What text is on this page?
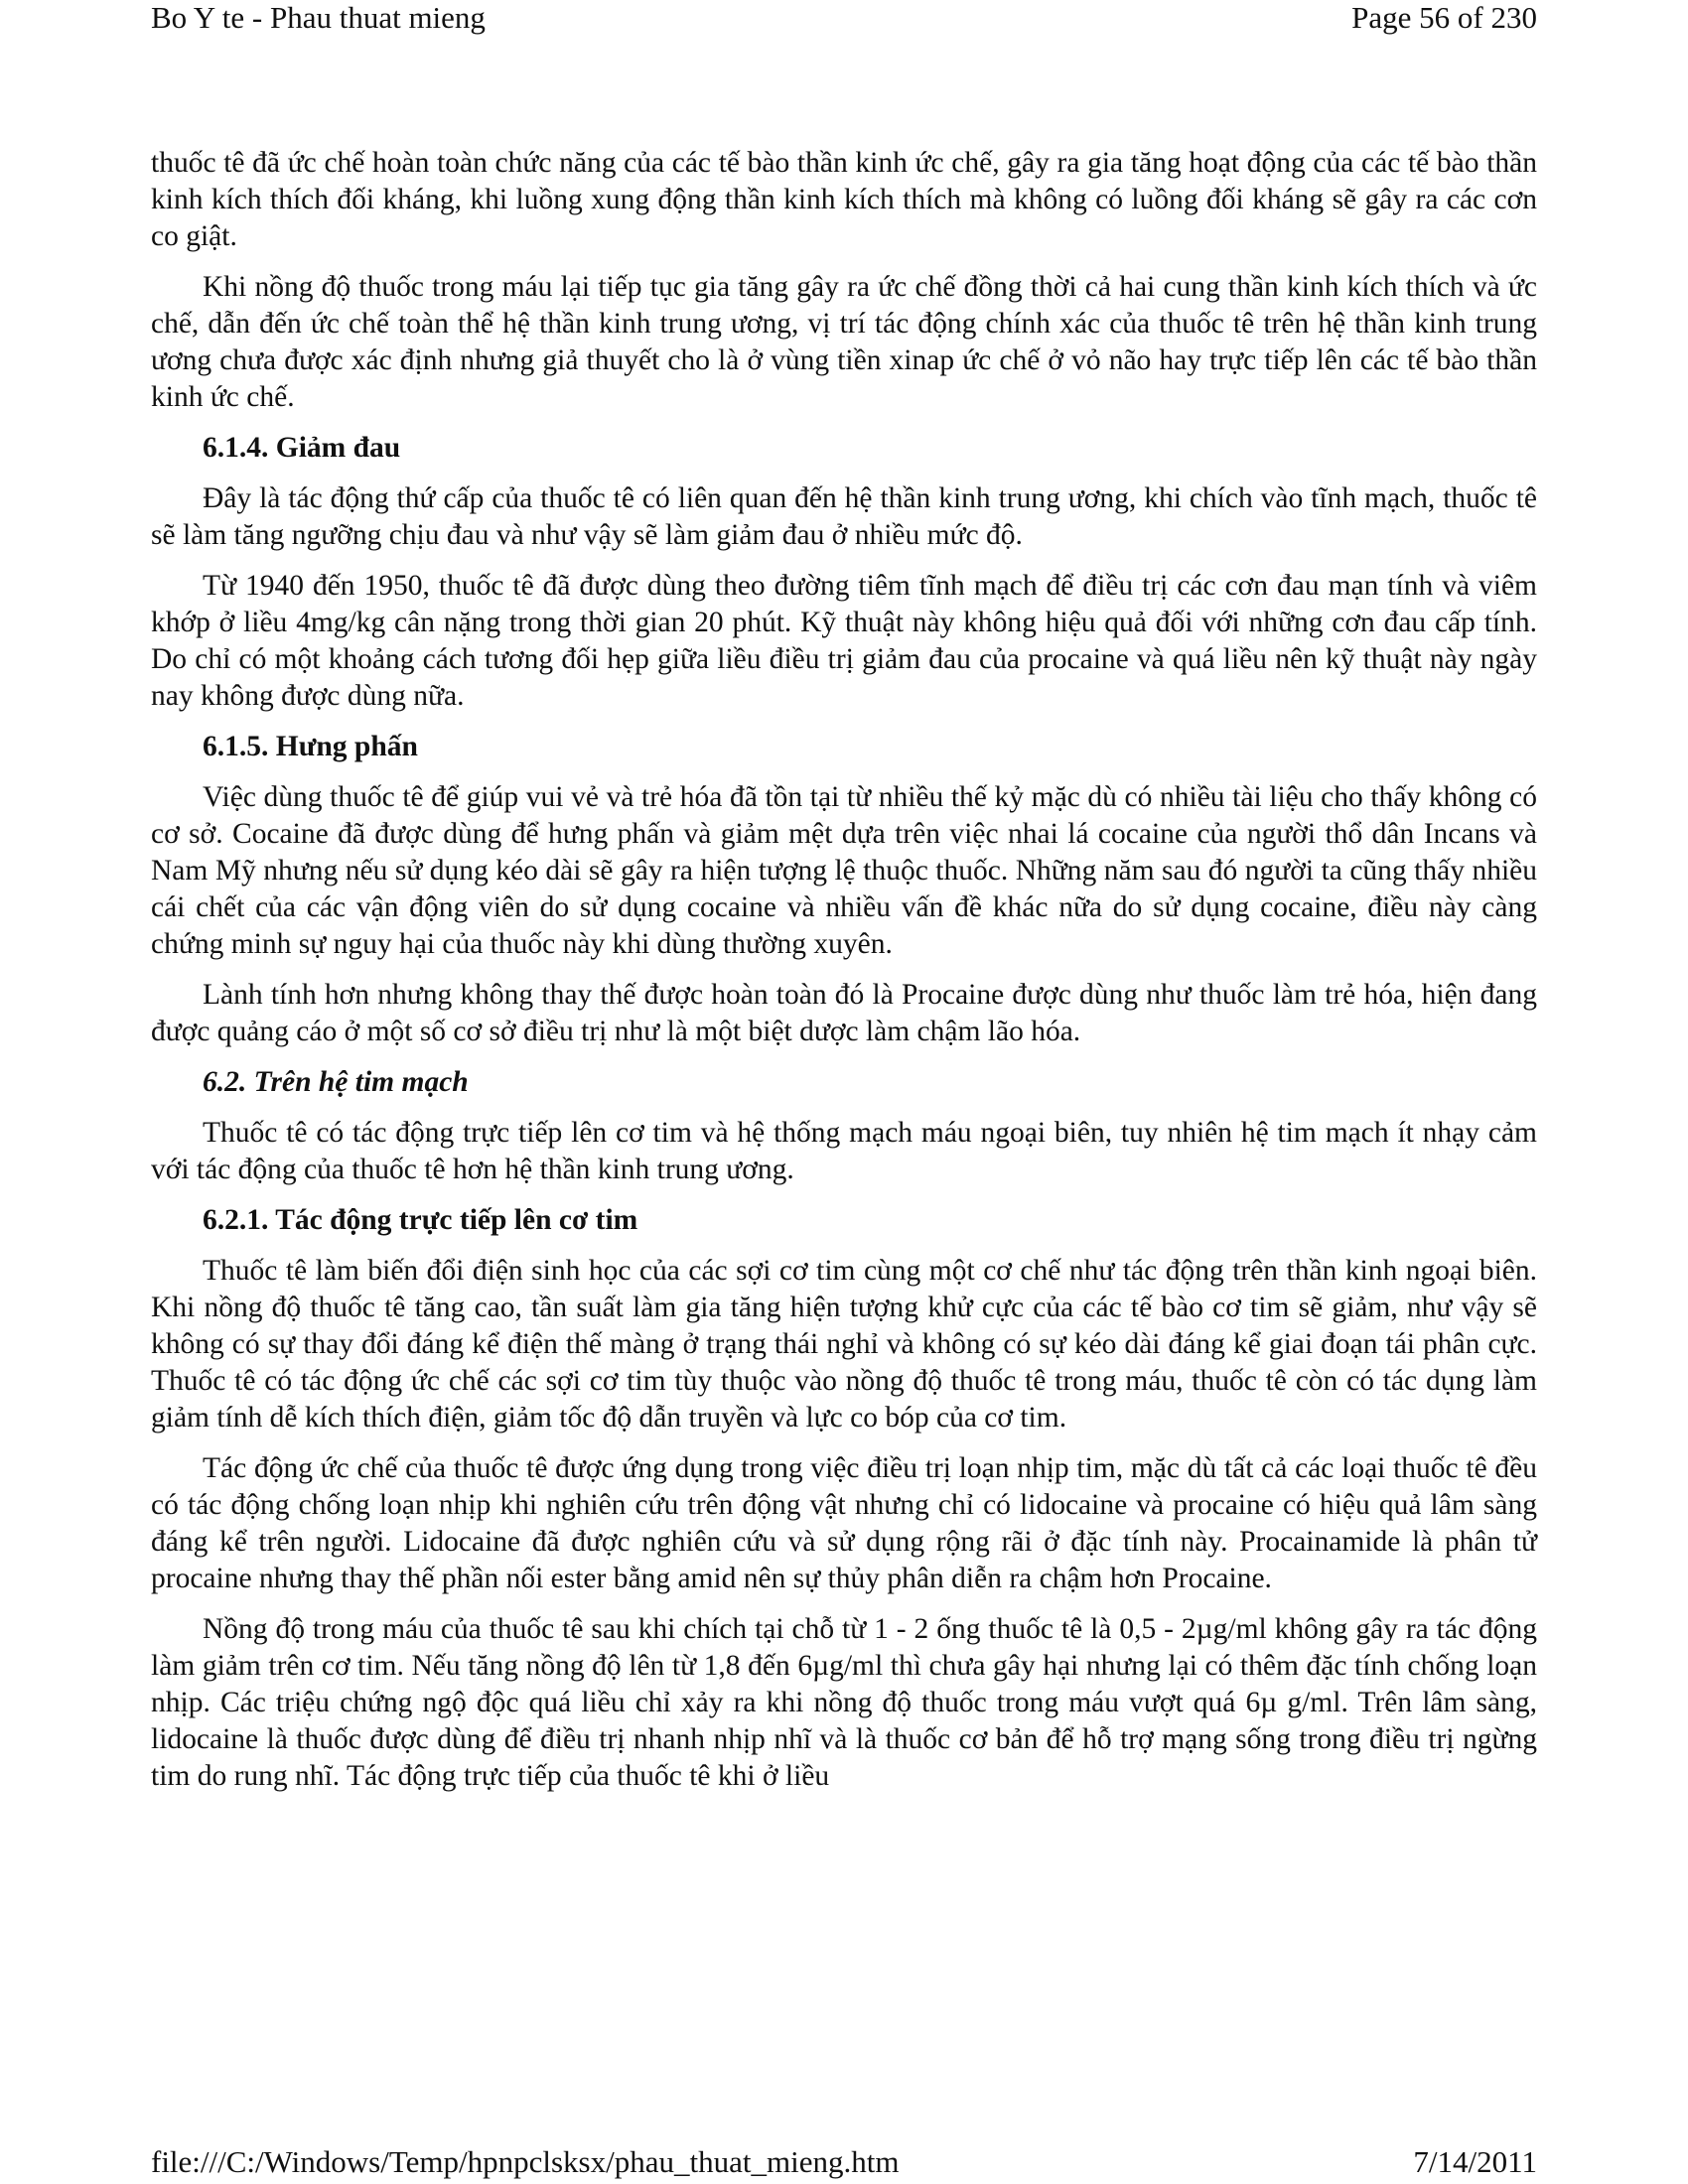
Bo Y te - Phau thuat mieng	Page 56 of 230

thuốc tê đã ức chế hoàn toàn chức năng của các tế bào thần kinh ức chế, gây ra gia tăng hoạt động của các tế bào thần kinh kích thích đối kháng, khi luồng xung động thần kinh kích thích mà không có luồng đối kháng sẽ gây ra các cơn co giật.

Khi nồng độ thuốc trong máu lại tiếp tục gia tăng gây ra ức chế đồng thời cả hai cung thần kinh kích thích và ức chế, dẫn đến ức chế toàn thể hệ thần kinh trung ương, vị trí tác động chính xác của thuốc tê trên hệ thần kinh trung ương chưa được xác định nhưng giả thuyết cho là ở vùng tiền xinap ức chế ở vỏ não hay trực tiếp lên các tế bào thần kinh ức chế.

6.1.4. Giảm đau

Đây là tác động thứ cấp của thuốc tê có liên quan đến hệ thần kinh trung ương, khi chích vào tĩnh mạch, thuốc tê sẽ làm tăng ngưỡng chịu đau và như vậy sẽ làm giảm đau ở nhiều mức độ.

Từ 1940 đến 1950, thuốc tê đã được dùng theo đường tiêm tĩnh mạch để điều trị các cơn đau mạn tính và viêm khớp ở liều 4mg/kg cân nặng trong thời gian 20 phút. Kỹ thuật này không hiệu quả đối với những cơn đau cấp tính. Do chỉ có một khoảng cách tương đối hẹp giữa liều điều trị giảm đau của procaine và quá liều nên kỹ thuật này ngày nay không được dùng nữa.

6.1.5. Hưng phấn

Việc dùng thuốc tê để giúp vui vẻ và trẻ hóa đã tồn tại từ nhiều thế kỷ mặc dù có nhiều tài liệu cho thấy không có cơ sở. Cocaine đã được dùng để hưng phấn và giảm mệt dựa trên việc nhai lá cocaine của người thổ dân Incans và Nam Mỹ nhưng nếu sử dụng kéo dài sẽ gây ra hiện tượng lệ thuộc thuốc. Những năm sau đó người ta cũng thấy nhiều cái chết của các vận động viên do sử dụng cocaine và nhiều vấn đề khác nữa do sử dụng cocaine, điều này càng chứng minh sự nguy hại của thuốc này khi dùng thường xuyên.

Lành tính hơn nhưng không thay thế được hoàn toàn đó là Procaine được dùng như thuốc làm trẻ hóa, hiện đang được quảng cáo ở một số cơ sở điều trị như là một biệt dược làm chậm lão hóa.

6.2. Trên hệ tim mạch

Thuốc tê có tác động trực tiếp lên cơ tim và hệ thống mạch máu ngoại biên, tuy nhiên hệ tim mạch ít nhạy cảm với tác động của thuốc tê hơn hệ thần kinh trung ương.

6.2.1. Tác động trực tiếp lên cơ tim

Thuốc tê làm biến đổi điện sinh học của các sợi cơ tim cùng một cơ chế như tác động trên thần kinh ngoại biên. Khi nồng độ thuốc tê tăng cao, tần suất làm gia tăng hiện tượng khử cực của các tế bào cơ tim sẽ giảm, như vậy sẽ không có sự thay đổi đáng kể điện thế màng ở trạng thái nghỉ và không có sự kéo dài đáng kể giai đoạn tái phân cực. Thuốc tê có tác động ức chế các sợi cơ tim tùy thuộc vào nồng độ thuốc tê trong máu, thuốc tê còn có tác dụng làm giảm tính dễ kích thích điện, giảm tốc độ dẫn truyền và lực co bóp của cơ tim.

Tác động ức chế của thuốc tê được ứng dụng trong việc điều trị loạn nhịp tim, mặc dù tất cả các loại thuốc tê đều có tác động chống loạn nhịp khi nghiên cứu trên động vật nhưng chỉ có lidocaine và procaine có hiệu quả lâm sàng đáng kể trên người. Lidocaine đã được nghiên cứu và sử dụng rộng rãi ở đặc tính này. Procainamide là phân tử procaine nhưng thay thế phần nối ester bằng amid nên sự thủy phân diễn ra chậm hơn Procaine.

Nồng độ trong máu của thuốc tê sau khi chích tại chỗ từ 1 - 2 ống thuốc tê là 0,5 - 2µg/ml không gây ra tác động làm giảm trên cơ tim. Nếu tăng nồng độ lên từ 1,8 đến 6µg/ml thì chưa gây hại nhưng lại có thêm đặc tính chống loạn nhịp. Các triệu chứng ngộ độc quá liều chỉ xảy ra khi nồng độ thuốc trong máu vượt quá 6µ g/ml. Trên lâm sàng, lidocaine là thuốc được dùng để điều trị nhanh nhịp nhĩ và là thuốc cơ bản để hỗ trợ mạng sống trong điều trị ngừng tim do rung nhĩ. Tác động trực tiếp của thuốc tê khi ở liều

file:///C:/Windows/Temp/hpnpclsksx/phau_thuat_mieng.htm	7/14/2011
